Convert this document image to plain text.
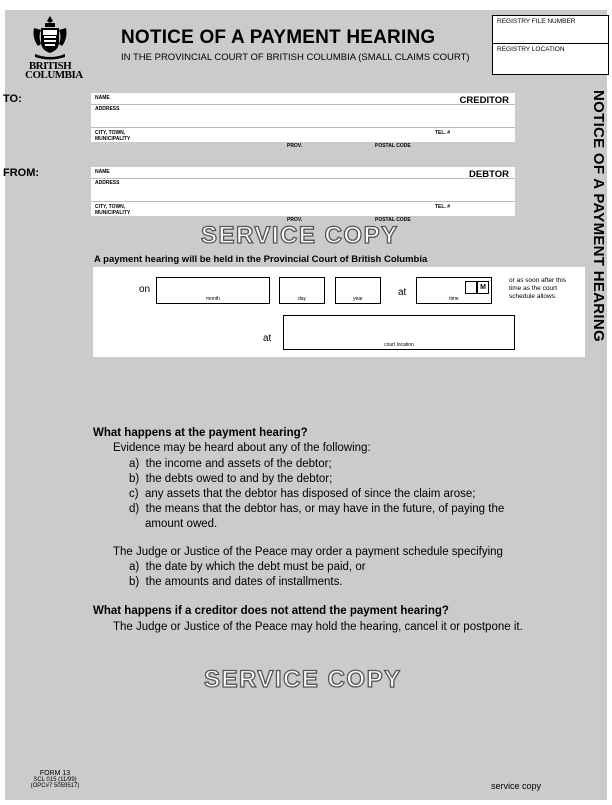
BRITISH
COLUMBIA
NOTICE OF A PAYMENT HEARING
IN THE PROVINCIAL COURT OF BRITISH COLUMBIA (SMALL CLAIMS COURT)
REGISTRY FILE NUMBER
REGISTRY LOCATION
TO:	NAME
ADDRESS
CITY, TOWN,
MUNICIPALITY
TEL. #
CREDITOR
PROV.	POSTAL CODE
FROM:	NAME
ADDRESS
CITY, TOWN,
MUNICIPALITY
TEL. #
DEBTOR
PROV.	POSTAL CODE
SERVICE COPY
A payment hearing will be held in the Provincial Court of British Columbia
on
month	day	year
at
time
M
or as soon after this
time as the court
schedule allows.
at
court location
NOTICE OF A PAYMENT HEARING
What happens at the payment hearing?
Evidence may be heard about any of the following:
a) the income and assets of the debtor;
b) the debts owed to and by the debtor;
c) any assets that the debtor has disposed of since the claim arose;
d) the means that the debtor has, or may have in the future, of paying the
amount owed.
The Judge or Justice of the Peace may order a payment schedule specifying
a) the date by which the debt must be paid, or
b) the amounts and dates of installments.
What happens if a creditor does not attend the payment hearing?
The Judge or Justice of the Peace may hold the hearing, cancel it or postpone it.
SERVICE COPY
FORM 13
SCL 015 (11/99)
(OPC#7 5059517)	service copy
